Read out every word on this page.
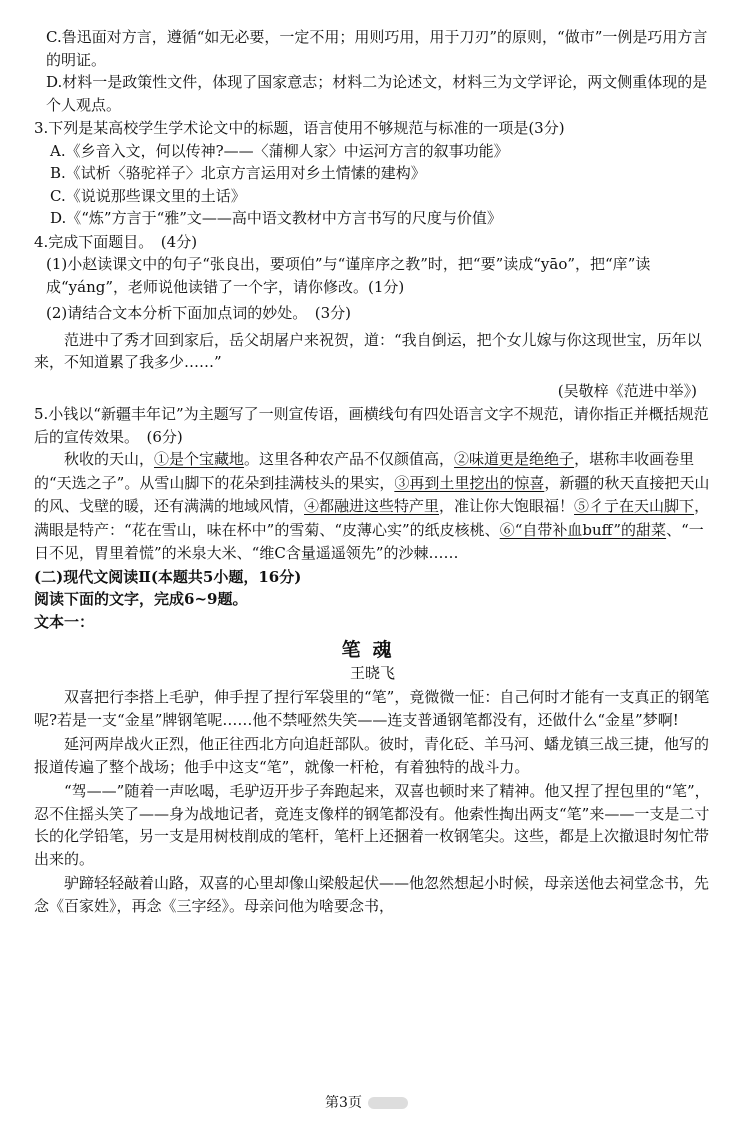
C.鲁迅面对方言，遵循“如无必要，一定不用；用则巧用，用于刀刃”的原则，“做市”一例是巧用方言的明证。

D.材料一是政策性文件，体现了国家意志；材料二为论述文，材料三为文学评论，两文侧重体现的是个人观点。

3.下列是某高校学生学术论文中的标题，语言使用不够规范与标准的一项是(3分)

A.《乡音入文，何以传神?——〈蒲柳人家〉中运河方言的叙事功能》

B.《试析〈骆驼祥子〉北京方言运用对乡土情愫的建构》

C.《说说那些课文里的土话》

D.《“炼”方言于“雅”文——高中语文教材中方言书写的尺度与价值》

4.完成下面题目。　(4分)

(1)小赵读课文中的句子“张良出，要项伯”与“谨庠序之教”时，把“要”读成“yāo”，把“庠”读成“yáng”，老师说他读错了一个字，请你修改。(1分)

(2)请结合文本分析下面加点词的妙处。　(3分)

范进中了秀才回到家后，岳父胡屠户来祝贺，道：“我自倒运，把个女儿嫁与你这现世宝，历年以来，不知道累了我多少……”

(吴敬梓《范进中举》)

5.小钱以“新疆丰年记”为主题写了一则宣传语，画横线句有四处语言文字不规范，请你指正并概括规范后的宣传效果。　(6分)

秋收的天山，①是个宝藏地。这里各种农产品不仅颜值高，②味道更是绝绝子，堪称丰收画卷里的“天选之子”。从雪山脚下的花朵到挂满枝头的果实，③再到土里挖出的惊喜，新疆的秋天直接把天山的风、戈壁的暖，还有满满的地域风情，④都融进这些特产里，准让你大饱眼福！⑤彳亍在天山脚下，满眼是特产：“花在雪山，味在杯中”的雪菊、“皮薄心实”的纸皮核桃、⑥“自带补血buff”的甜菜、“一日不见，胃里着慌”的米泉大米、“维C含量遥遥领先”的沙棘……

(二)现代文阅读Ⅱ(本题共5小题，16分)

阅读下面的文字，完成6~9题。

文本一：

笔魂

王晓飞

双喜把行李搭上毛驴，伸手捏了捏行军袋里的“笔”，竟微微一怔：自己何时才能有一支真正的钢笔呢?若是一支“金星”牌钢笔呢……他不禁哑然失笑——连支普通钢笔都没有，还做什么“金星”梦啊!

延河两岸战火正烈，他正往西北方向追赶部队。彼时，青化砭、羊马河、蟠龙镇三战三捷，他写的报道传遍了整个战场；他手中这支“笔”，就像一杆枪，有着独特的战斗力。

“驾——”随着一声吆喝，毛驴迈开步子奔跑起来，双喜也顿时来了精神。他又捏了捏包里的“笔”，忍不住摇头笑了——身为战地记者，竟连支像样的钢笔都没有。他索性掏出两支“笔”来——一支是二寸长的化学铅笔，另一支是用树枝削成的笔杆，笔杆上还捆着一枚钢笔尖。这些，都是上次撤退时匆忙带出来的。

驴蹄轻轻敲着山路，双喜的心里却像山梁般起伏——他忽然想起小时候，母亲送他去祠堂念书，先念《百家姓》，再念《三字经》。母亲问他为啥要念书，

第3页
